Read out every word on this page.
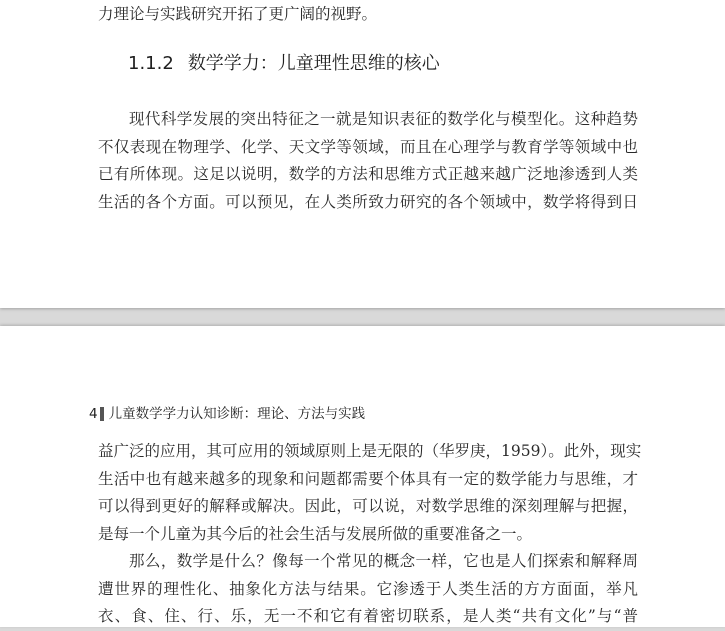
力理论与实践研究开拓了更广阔的视野。

1.1.2 数学学力：儿童理性思维的核心

现代科学发展的突出特征之一就是知识表征的数学化与模型化。这种趋势
不仅表现在物理学、化学、天文学等领域，而且在心理学与教育学等领域中也
已有所体现。这足以说明，数学的方法和思维方式正越来越广泛地渗透到人类
生活的各个方面。可以预见，在人类所致力研究的各个领域中，数学将得到日

4 儿童数学学力认知诊断：理论、方法与实践

益广泛的应用，其可应用的领域原则上是无限的（华罗庚，1959）。此外，现实
生活中也有越来越多的现象和问题都需要个体具有一定的数学能力与思维，才
可以得到更好的解释或解决。因此，可以说，对数学思维的深刻理解与把握，
是每一个儿童为其今后的社会生活与发展所做的重要准备之一。

那么，数学是什么？像每一个常见的概念一样，它也是人们探索和解释周
遭世界的理性化、抽象化方法与结果。它渗透于人类生活的方方面面，举凡
衣、食、住、行、乐，无一不和它有着密切联系，是人类“共有文化”与“普
